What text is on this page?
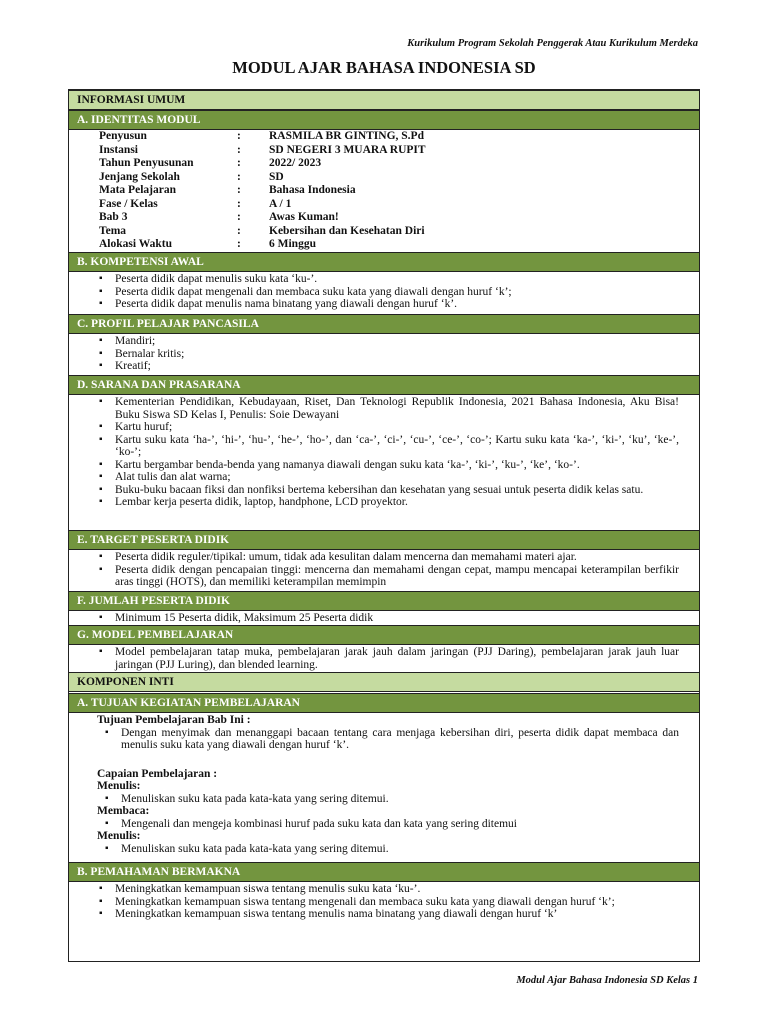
Kurikulum Program Sekolah Penggerak Atau Kurikulum Merdeka
MODUL AJAR BAHASA INDONESIA SD
INFORMASI UMUM
A. IDENTITAS MODUL
Penyusun	:	RASMILA BR GINTING, S.Pd
Instansi	:	SD NEGERI 3 MUARA RUPIT
Tahun Penyusunan	:	2022/ 2023
Jenjang Sekolah	:	SD
Mata Pelajaran	:	Bahasa Indonesia
Fase / Kelas	:	A / 1
Bab 3	:	Awas Kuman!
Tema	:	Kebersihan dan Kesehatan Diri
Alokasi Waktu	:	6 Minggu
B. KOMPETENSI AWAL
▪ Peserta didik dapat menulis suku kata ‘ku-’.
▪ Peserta didik dapat mengenali dan membaca suku kata yang diawali dengan huruf ‘k’;
▪ Peserta didik dapat menulis nama binatang yang diawali dengan huruf ‘k’.
C. PROFIL PELAJAR PANCASILA
▪ Mandiri;
▪ Bernalar kritis;
▪ Kreatif;
D. SARANA DAN PRASARANA
▪ Kementerian Pendidikan, Kebudayaan, Riset, Dan Teknologi Republik Indonesia, 2021 Bahasa Indonesia, Aku Bisa! Buku Siswa SD Kelas I, Penulis: Soie Dewayani
▪ Kartu huruf;
▪ Kartu suku kata ‘ha-’, ‘hi-’, ‘hu-’, ‘he-’, ‘ho-’, dan ‘ca-’, ‘ci-’, ‘cu-’, ‘ce-’, ‘co-’; Kartu suku kata ‘ka-’, ‘ki-’, ‘ku’, ‘ke-’, ‘ko-’;
▪ Kartu bergambar benda-benda yang namanya diawali dengan suku kata ‘ka-’, ‘ki-’, ‘ku-’, ‘ke’, ‘ko-’.
▪ Alat tulis dan alat warna;
▪ Buku-buku bacaan fiksi dan nonfiksi bertema kebersihan dan kesehatan yang sesuai untuk peserta didik kelas satu.
▪ Lembar kerja peserta didik, laptop, handphone, LCD proyektor.
E. TARGET PESERTA DIDIK
▪ Peserta didik reguler/tipikal: umum, tidak ada kesulitan dalam mencerna dan memahami materi ajar.
▪ Peserta didik dengan pencapaian tinggi: mencerna dan memahami dengan cepat, mampu mencapai keterampilan berfikir aras tinggi (HOTS), dan memiliki keterampilan memimpin
F. JUMLAH PESERTA DIDIK
▪ Minimum 15 Peserta didik, Maksimum 25 Peserta didik
G. MODEL PEMBELAJARAN
▪ Model pembelajaran tatap muka, pembelajaran jarak jauh dalam jaringan (PJJ Daring), pembelajaran jarak jauh luar jaringan (PJJ Luring), dan blended learning.
KOMPONEN INTI
A. TUJUAN KEGIATAN PEMBELAJARAN
Tujuan Pembelajaran Bab Ini :
▪ Dengan menyimak dan menanggapi bacaan tentang cara menjaga kebersihan diri, peserta didik dapat membaca dan menulis suku kata yang diawali dengan huruf ‘k’.
Capaian Pembelajaran :
Menulis:
▪ Menuliskan suku kata pada kata-kata yang sering ditemui.
Membaca:
▪ Mengenali dan mengeja kombinasi huruf pada suku kata dan kata yang sering ditemui
Menulis:
▪ Menuliskan suku kata pada kata-kata yang sering ditemui.
B. PEMAHAMAN BERMAKNA
▪ Meningkatkan kemampuan siswa tentang menulis suku kata ‘ku-’.
▪ Meningkatkan kemampuan siswa tentang mengenali dan membaca suku kata yang diawali dengan huruf ‘k’;
▪ Meningkatkan kemampuan siswa tentang menulis nama binatang yang diawali dengan huruf ‘k’
Modul Ajar Bahasa Indonesia SD Kelas 1
